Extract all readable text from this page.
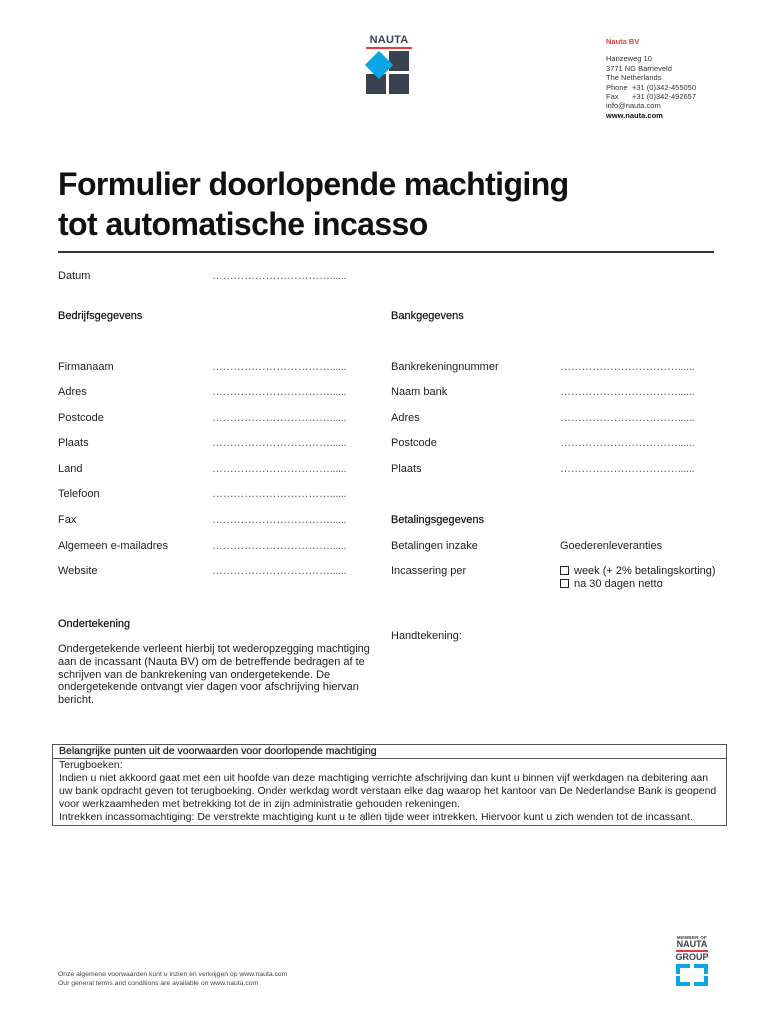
NAUTA	Nauta BV
Hanzeweg 10
3771 NG Barneveld
The Netherlands
Phone +31 (0)342-455050
Fax +31 (0)342-492657
info@nauta.com
www.nauta.com
Formulier doorlopende machtiging
tot automatische incasso
Datum	……………………………......
Bedrijfsgegevens	Bankgegevens
Firmanaam	……………………………......
Adres	……………………………......
Postcode	……………………………......
Plaats	……………………………......
Land	……………………………......
Telefoon	……………………………......
Fax	……………………………......
Algemeen e-mailadres	……………………………......
Website	……………………………......
Bankrekeningnummer	……………………………......
Naam bank	……………………………......
Adres	……………………………......
Postcode	……………………………......
Plaats	……………………………......
Betalingsgegevens
Betalingen inzake	Goederenleveranties
Incassering per	week (+ 2% betalingskorting)
na 30 dagen netto
Ondertekening
Ondergetekende verleent hierbij tot wederopzegging machtiging aan de incassant (Nauta BV) om de betreffende bedragen af te schrijven van de bankrekening van ondergetekende. De ondergetekende ontvangt vier dagen voor afschrijving hiervan bericht.
Handtekening:
Belangrijke punten uit de voorwaarden voor doorlopende machtiging
Terugboeken:
Indien u niet akkoord gaat met een uit hoofde van deze machtiging verrichte afschrijving dan kunt u binnen vijf werkdagen na debitering aan uw bank opdracht geven tot terugboeking. Onder werkdag wordt verstaan elke dag waarop het kantoor van De Nederlandse Bank is geopend voor werkzaamheden met betrekking tot de in zijn administratie gehouden rekeningen.
Intrekken incassomachtiging: De verstrekte machtiging kunt u te allen tijde weer intrekken. Hiervoor kunt u zich wenden tot de incassant.
Onze algemene voorwaarden kunt u inzien en verkrijgen op www.nauta.com
Our general terms and conditions are available on www.nauta.com
MEMBER OF
NAUTA
GROUP
